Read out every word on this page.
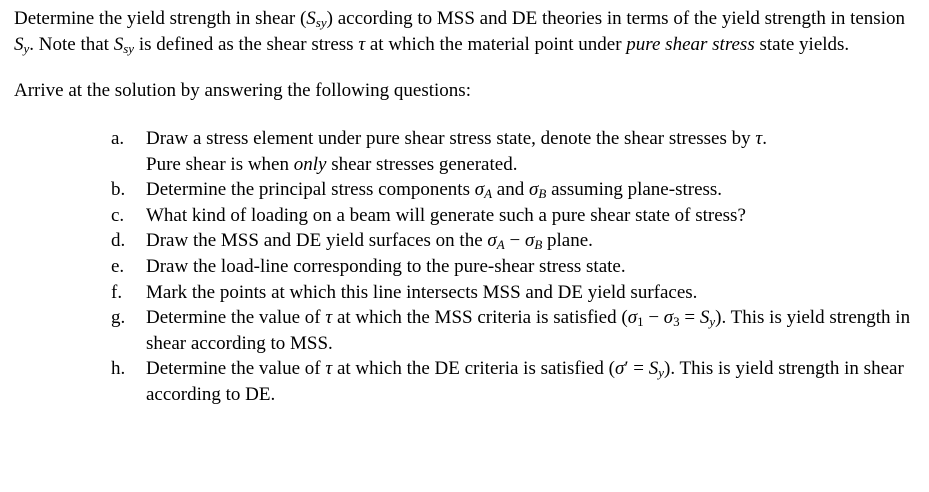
Determine the yield strength in shear $(S_{sy})$ according to MSS and DE theories in terms of the yield strength in tension $S_y$. Note that $S_{sy}$ is defined as the shear stress τ at which the material point under pure shear stress state yields.

Arrive at the solution by answering the following questions:

a.	Draw a stress element under pure shear stress state, denote the shear stresses by τ.
Pure shear is when only shear stresses generated.
b.	Determine the principal stress components $\sigma_A$ and $\sigma_B$ assuming plane-stress.
c.	What kind of loading on a beam will generate such a pure shear state of stress?
d.	Draw the MSS and DE yield surfaces on the $\sigma_A - \sigma_B$ plane.
e.	Draw the load-line corresponding to the pure-shear stress state.
f.	Mark the points at which this line intersects MSS and DE yield surfaces.
g.	Determine the value of τ at which the MSS criteria is satisfied $(\sigma_1 - \sigma_3 = S_y)$. This is yield strength in shear according to MSS.
h.	Determine the value of τ at which the DE criteria is satisfied $(\sigma' = S_y)$. This is yield strength in shear according to DE.
